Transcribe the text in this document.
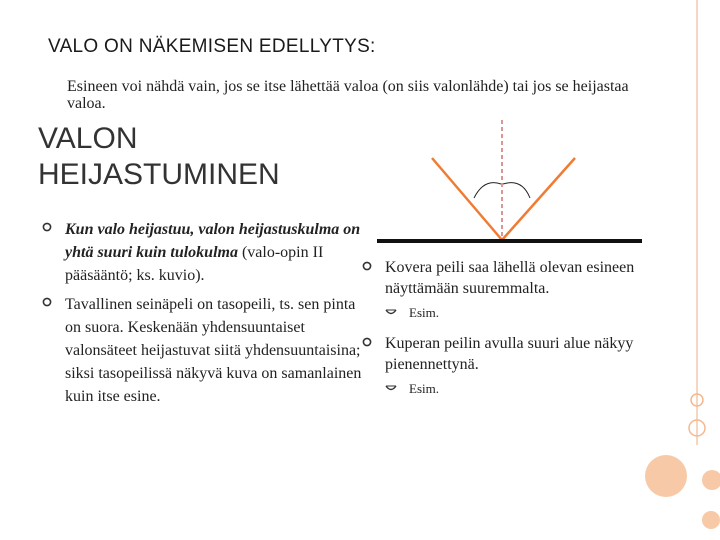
VALO ON NÄKEMISEN EDELLYTYS:
Esineen voi nähdä vain, jos se itse lähettää valoa (on siis valonlähde) tai jos se heijastaa valoa.
VALON
HEIJASTUMINEN
Kun valo heijastuu, valon heijastuskulma on yhtä suuri kuin tulokulma (valo-opin II pääsääntö; ks. kuvio).
Tavallinen seinäpeli on tasopeili, ts. sen pinta on suora. Keskenään yhdensuuntaiset valonsäteet heijastuvat siitä yhdensuuntaisina; siksi tasopeilissä näkyvä kuva on samanlainen kuin itse esine.
Kovera peili saa lähellä olevan esineen näyttämään suuremmalta.
Esim.
Kuperan peilin avulla suuri alue näkyy pienennettynä.
Esim.
